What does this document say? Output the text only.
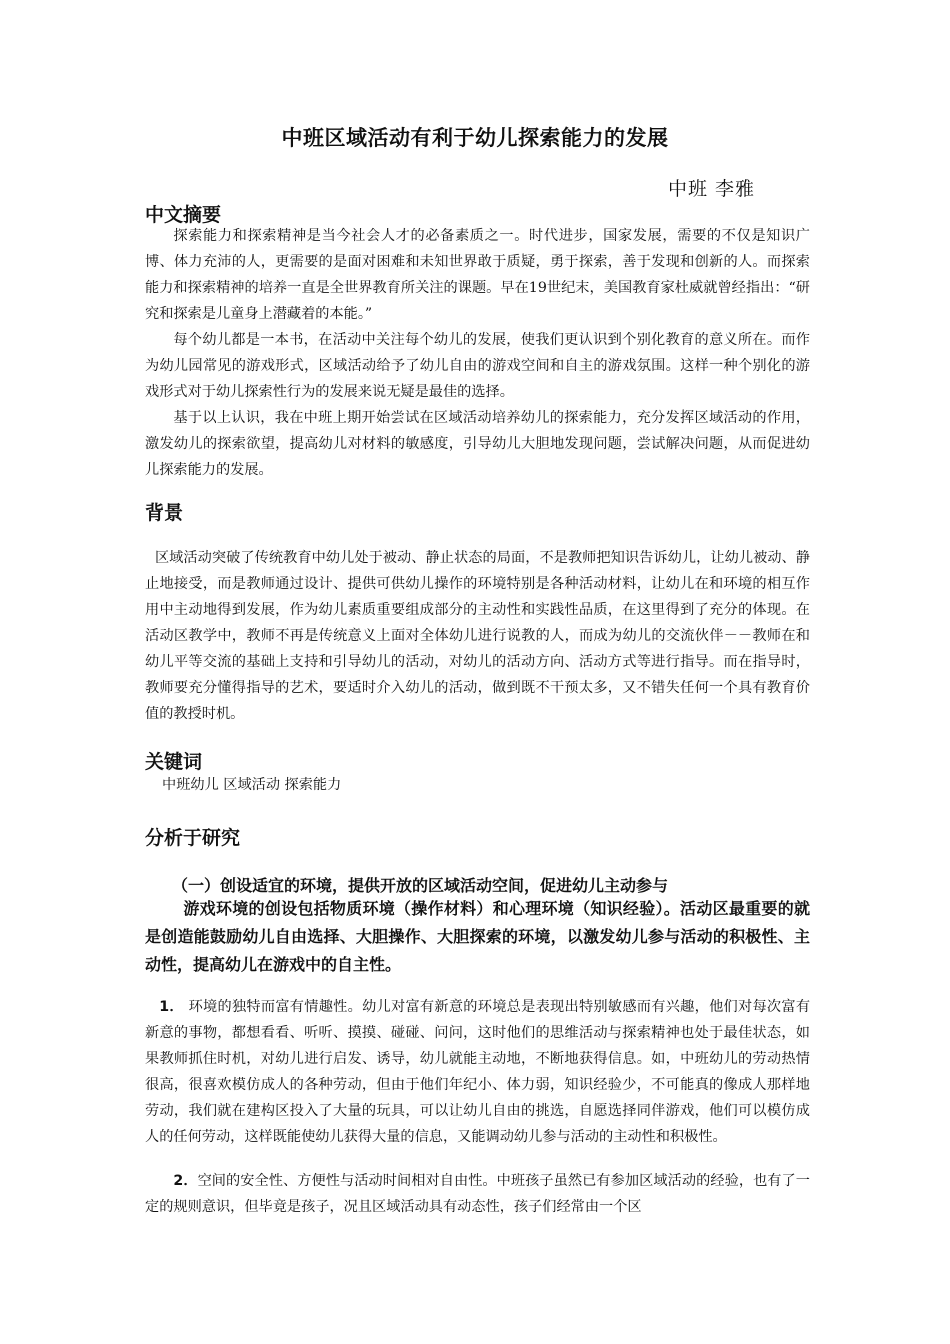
中班区域活动有利于幼儿探索能力的发展
中班 李雅
中文摘要

探索能力和探索精神是当今社会人才的必备素质之一。时代进步，国家发展，需要的不仅是知识广博、体力充沛的人，更需要的是面对困难和未知世界敢于质疑，勇于探索，善于发现和创新的人。而探索能力和探索精神的培养一直是全世界教育所关注的课题。早在19世纪末，美国教育家杜威就曾经指出：“研究和探索是儿童身上潜藏着的本能。”

每个幼儿都是一本书，在活动中关注每个幼儿的发展，使我们更认识到个别化教育的意义所在。而作为幼儿园常见的游戏形式，区域活动给予了幼儿自由的游戏空间和自主的游戏氛围。这样一种个别化的游戏形式对于幼儿探索性行为的发展来说无疑是最佳的选择。

基于以上认识，我在中班上期开始尝试在区域活动培养幼儿的探索能力，充分发挥区域活动的作用，激发幼儿的探索欲望，提高幼儿对材料的敏感度，引导幼儿大胆地发现问题，尝试解决问题，从而促进幼儿探索能力的发展。

背景

区域活动突破了传统教育中幼儿处于被动、静止状态的局面，不是教师把知识告诉幼儿，让幼儿被动、静止地接受，而是教师通过设计、提供可供幼儿操作的环境特别是各种活动材料，让幼儿在和环境的相互作用中主动地得到发展，作为幼儿素质重要组成部分的主动性和实践性品质，在这里得到了充分的体现。在活动区教学中，教师不再是传统意义上面对全体幼儿进行说教的人，而成为幼儿的交流伙伴－－教师在和幼儿平等交流的基础上支持和引导幼儿的活动，对幼儿的活动方向、活动方式等进行指导。而在指导时，教师要充分懂得指导的艺术，要适时介入幼儿的活动，做到既不干预太多，又不错失任何一个具有教育价值的教授时机。

关键词
中班幼儿 区域活动 探索能力
分析于研究
（一）创设适宜的环境，提供开放的区域活动空间，促进幼儿主动参与

游戏环境的创设包括物质环境（操作材料）和心理环境（知识经验）。活动区最重要的就是创造能鼓励幼儿自由选择、大胆操作、大胆探索的环境，以激发幼儿参与活动的积极性、主动性，提高幼儿在游戏中的自主性。

1． 环境的独特而富有情趣性。幼儿对富有新意的环境总是表现出特别敏感而有兴趣，他们对每次富有新意的事物，都想看看、听听、摸摸、碰碰、问问，这时他们的思维活动与探索精神也处于最佳状态，如果教师抓住时机，对幼儿进行启发、诱导，幼儿就能主动地，不断地获得信息。如，中班幼儿的劳动热情很高，很喜欢模仿成人的各种劳动，但由于他们年纪小、体力弱，知识经验少，不可能真的像成人那样地劳动，我们就在建构区投入了大量的玩具，可以让幼儿自由的挑选，自愿选择同伴游戏，他们可以模仿成人的任何劳动，这样既能使幼儿获得大量的信息，又能调动幼儿参与活动的主动性和积极性。

2．空间的安全性、方便性与活动时间相对自由性。中班孩子虽然已有参加区域活动的经验，也有了一定的规则意识，但毕竟是孩子，况且区域活动具有动态性，孩子们经常由一个区
